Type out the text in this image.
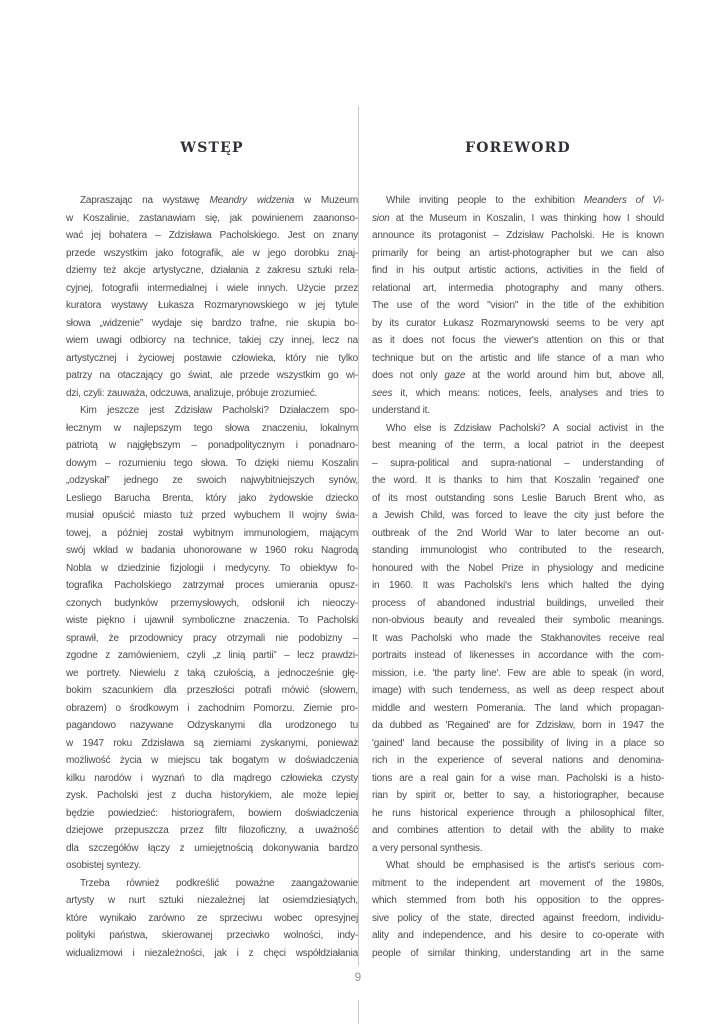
WSTĘP
Zapraszając na wystawę Meandry widzenia w Muzeum
w Koszalinie, zastanawiam się, jak powinienem zaanonso-
wać jej bohatera – Zdzisława Pacholskiego. Jest on znany
przede wszystkim jako fotografik, ale w jego dorobku znaj-
dziemy też akcje artystyczne, działania z zakresu sztuki rela-
cyjnej, fotografii intermedialnej i wiele innych. Użycie przez
kuratora wystawy Łukasza Rozmarynowskiego w jej tytule
słowa „widzenie” wydaje się bardzo trafne, nie skupia bo-
wiem uwagi odbiorcy na technice, takiej czy innej, lecz na
artystycznej i życiowej postawie człowieka, który nie tylko
patrzy na otaczający go świat, ale przede wszystkim go wi-
dzi, czyli: zauważa, odczuwa, analizuje, próbuje zrozumieć.
Kim jeszcze jest Zdzisław Pacholski? Działaczem spo-
łecznym w najlepszym tego słowa znaczeniu, lokalnym
patriotą w najgłębszym – ponadpolitycznym i ponadnaro-
dowym – rozumieniu tego słowa. To dzięki niemu Koszalin
„odzyskał” jednego ze swoich najwybitniejszych synów,
Lesliego Barucha Brenta, który jako żydowskie dziecko
musiał opuścić miasto tuż przed wybuchem II wojny świa-
towej, a później został wybitnym immunologiem, mającym
swój wkład w badania uhonorowane w 1960 roku Nagrodą
Nobla w dziedzinie fizjologii i medycyny. To obiektyw fo-
tografika Pacholskiego zatrzymał proces umierania opusz-
czonych budynków przemysłowych, odsłonił ich nieoczy-
wiste piękno i ujawnił symboliczne znaczenia. To Pacholski
sprawił, że przodownicy pracy otrzymali nie podobizny –
zgodne z zamówieniem, czyli „z linią partii” – lecz prawdzi-
we portrety. Niewielu z taką czułością, a jednocześnie głę-
bokim szacunkiem dla przeszłości potrafi mówić (słowem,
obrazem) o środkowym i zachodnim Pomorzu. Ziemie pro-
pagandowo nazywane Odzyskanymi dla urodzonego tu
w 1947 roku Zdzisława są ziemiami zyskanymi, ponieważ
możliwość życia w miejscu tak bogatym w doświadczenia
kilku narodów i wyznań to dla mądrego człowieka czysty
zysk. Pacholski jest z ducha historykiem, ale może lepiej
będzie powiedzieć: historiografem, bowiem doświadczenia
dziejowe przepuszcza przez filtr filozoficzny, a uważność
dla szczegółów łączy z umiejętnością dokonywania bardzo
osobistej syntezy.
Trzeba również podkreślić poważne zaangażowanie
artysty w nurt sztuki niezależnej lat osiemdziesiątych,
które wynikało zarówno ze sprzeciwu wobec opresyjnej
polityki państwa, skierowanej przeciwko wolności, indy-
widualizmowi i niezależności, jak i z chęci współdziałania
FOREWORD
While inviting people to the exhibition Meanders of Vi-
sion at the Museum in Koszalin, I was thinking how I should
announce its protagonist – Zdzisław Pacholski. He is known
primarily for being an artist-photographer but we can also
find in his output artistic actions, activities in the field of
relational art, intermedia photography and many others.
The use of the word "vision" in the title of the exhibition
by its curator Łukasz Rozmarynowski seems to be very apt
as it does not focus the viewer's attention on this or that
technique but on the artistic and life stance of a man who
does not only gaze at the world around him but, above all,
sees it, which means: notices, feels, analyses and tries to
understand it.
Who else is Zdzisław Pacholski? A social activist in the
best meaning of the term, a local patriot in the deepest
– supra-political and supra-national – understanding of
the word. It is thanks to him that Koszalin 'regained' one
of its most outstanding sons Leslie Baruch Brent who, as
a Jewish Child, was forced to leave the city just before the
outbreak of the 2nd World War to later become an out-
standing immunologist who contributed to the research,
honoured with the Nobel Prize in physiology and medicine
in 1960. It was Pacholski's lens which halted the dying
process of abandoned industrial buildings, unveiled their
non-obvious beauty and revealed their symbolic meanings.
It was Pacholski who made the Stakhanovites receive real
portraits instead of likenesses in accordance with the com-
mission, i.e. 'the party line'. Few are able to speak (in word,
image) with such tenderness, as well as deep respect about
middle and western Pomerania. The land which propagan-
da dubbed as 'Regained' are for Zdzisław, born in 1947 the
'gained' land because the possibility of living in a place so
rich in the experience of several nations and denomina-
tions are a real gain for a wise man. Pacholski is a histo-
rian by spirit or, better to say, a historiographer, because
he runs historical experience through a philosophical filter,
and combines attention to detail with the ability to make
a very personal synthesis.
What should be emphasised is the artist's serious com-
mitment to the independent art movement of the 1980s,
which stemmed from both his opposition to the oppres-
sive policy of the state, directed against freedom, individu-
ality and independence, and his desire to co-operate with
people of similar thinking, understanding art in the same
9
